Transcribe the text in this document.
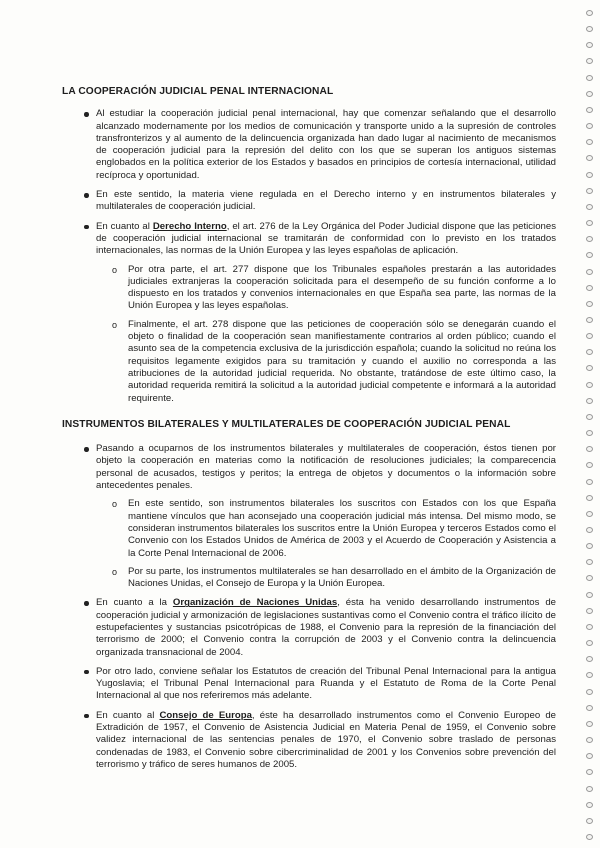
LA COOPERACIÓN JUDICIAL PENAL INTERNACIONAL
Al estudiar la cooperación judicial penal internacional, hay que comenzar señalando que el desarrollo alcanzado modernamente por los medios de comunicación y transporte unido a la supresión de controles transfronterizos y al aumento de la delincuencia organizada han dado lugar al nacimiento de mecanismos de cooperación judicial para la represión del delito con los que se superan los antiguos sistemas englobados en la política exterior de los Estados y basados en principios de cortesía internacional, utilidad recíproca y oportunidad.
En este sentido, la materia viene regulada en el Derecho interno y en instrumentos bilaterales y multilaterales de cooperación judicial.
En cuanto al Derecho Interno, el art. 276 de la Ley Orgánica del Poder Judicial dispone que las peticiones de cooperación judicial internacional se tramitarán de conformidad con lo previsto en los tratados internacionales, las normas de la Unión Europea y las leyes españolas de aplicación.
o Por otra parte, el art. 277 dispone que los Tribunales españoles prestarán a las autoridades judiciales extranjeras la cooperación solicitada para el desempeño de su función conforme a lo dispuesto en los tratados y convenios internacionales en que España sea parte, las normas de la Unión Europea y las leyes españolas.
o Finalmente, el art. 278 dispone que las peticiones de cooperación sólo se denegarán cuando el objeto o finalidad de la cooperación sean manifiestamente contrarios al orden público; cuando el asunto sea de la competencia exclusiva de la jurisdicción española; cuando la solicitud no reúna los requisitos legamente exigidos para su tramitación y cuando el auxilio no corresponda a las atribuciones de la autoridad judicial requerida. No obstante, tratándose de este último caso, la autoridad requerida remitirá la solicitud a la autoridad judicial competente e informará a la autoridad requirente.
INSTRUMENTOS BILATERALES Y MULTILATERALES DE COOPERACIÓN JUDICIAL PENAL
Pasando a ocuparnos de los instrumentos bilaterales y multilaterales de cooperación, éstos tienen por objeto la cooperación en materias como la notificación de resoluciones judiciales; la comparecencia personal de acusados, testigos y peritos; la entrega de objetos y documentos o la información sobre antecedentes penales.
o En este sentido, son instrumentos bilaterales los suscritos con Estados con los que España mantiene vínculos que han aconsejado una cooperación judicial más intensa. Del mismo modo, se consideran instrumentos bilaterales los suscritos entre la Unión Europea y terceros Estados como el Convenio con los Estados Unidos de América de 2003 y el Acuerdo de Cooperación y Asistencia a la Corte Penal Internacional de 2006.
o Por su parte, los instrumentos multilaterales se han desarrollado en el ámbito de la Organización de Naciones Unidas, el Consejo de Europa y la Unión Europea.
En cuanto a la Organización de Naciones Unidas, ésta ha venido desarrollando instrumentos de cooperación judicial y armonización de legislaciones sustantivas como el Convenio contra el tráfico ilícito de estupefacientes y sustancias psicotrópicas de 1988, el Convenio para la represión de la financiación del terrorismo de 2000; el Convenio contra la corrupción de 2003 y el Convenio contra la delincuencia organizada transnacional de 2004.
Por otro lado, conviene señalar los Estatutos de creación del Tribunal Penal Internacional para la antigua Yugoslavia; el Tribunal Penal Internacional para Ruanda y el Estatuto de Roma de la Corte Penal Internacional al que nos referiremos más adelante.
En cuanto al Consejo de Europa, éste ha desarrollado instrumentos como el Convenio Europeo de Extradición de 1957, el Convenio de Asistencia Judicial en Materia Penal de 1959, el Convenio sobre validez internacional de las sentencias penales de 1970, el Convenio sobre traslado de personas condenadas de 1983, el Convenio sobre cibercriminalidad de 2001 y los Convenios sobre prevención del terrorismo y tráfico de seres humanos de 2005.
